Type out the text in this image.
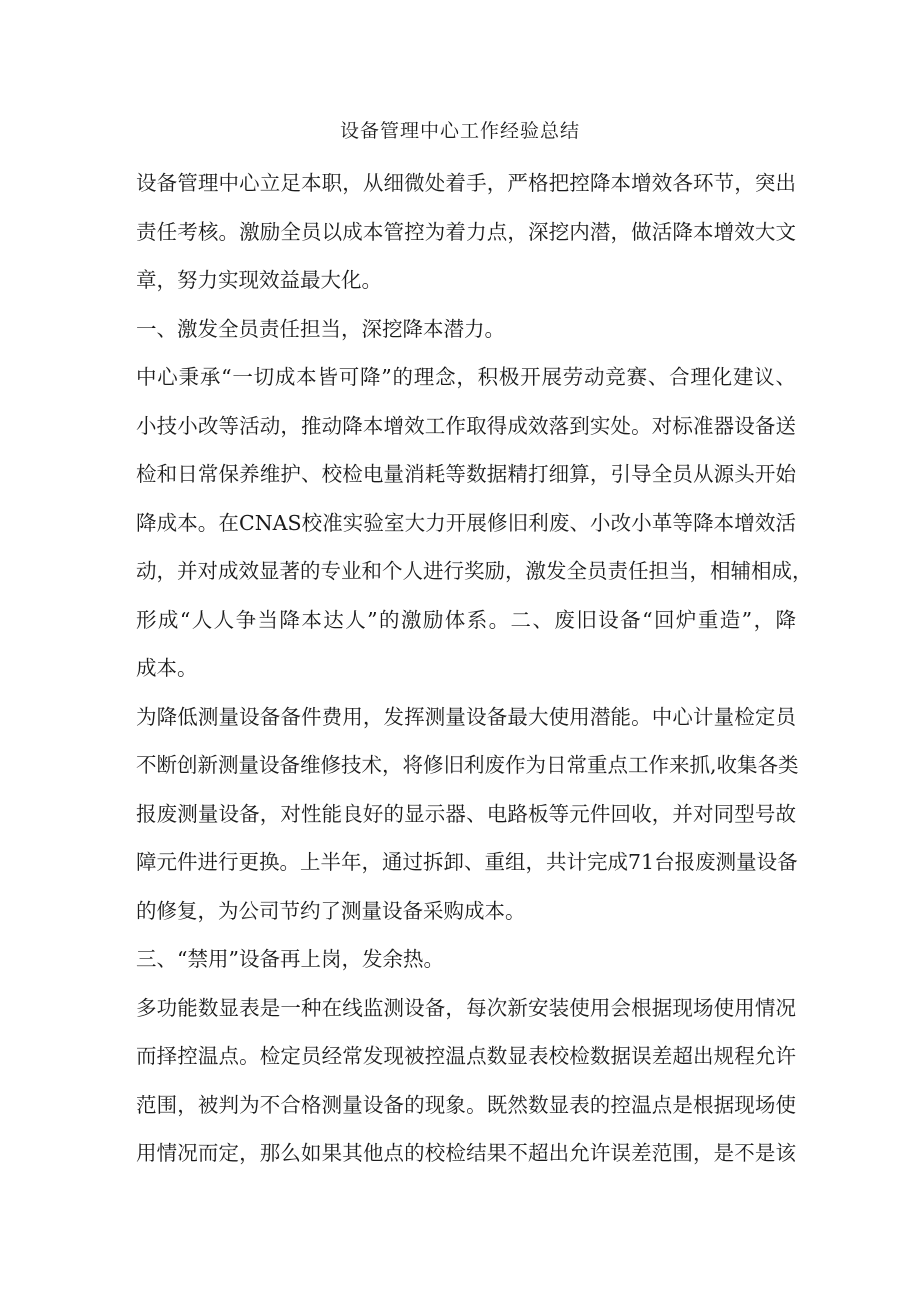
设备管理中心工作经验总结
设备管理中心立足本职，从细微处着手，严格把控降本增效各环节，突出
责任考核。激励全员以成本管控为着力点，深挖内潜，做活降本增效大文
章，努力实现效益最大化。
一、激发全员责任担当，深挖降本潜力。
中心秉承“一切成本皆可降”的理念，积极开展劳动竞赛、合理化建议、
小技小改等活动，推动降本增效工作取得成效落到实处。对标准器设备送
检和日常保养维护、校检电量消耗等数据精打细算，引导全员从源头开始
降成本。在CNAS校准实验室大力开展修旧利废、小改小革等降本增效活
动，并对成效显著的专业和个人进行奖励，激发全员责任担当，相辅相成，
形成“人人争当降本达人”的激励体系。二、废旧设备“回炉重造”，降
成本。
为降低测量设备备件费用，发挥测量设备最大使用潜能。中心计量检定员
不断创新测量设备维修技术，将修旧利废作为日常重点工作来抓,收集各类
报废测量设备，对性能良好的显示器、电路板等元件回收，并对同型号故
障元件进行更换。上半年，通过拆卸、重组，共计完成71台报废测量设备
的修复，为公司节约了测量设备采购成本。
三、“禁用”设备再上岗，发余热。
多功能数显表是一种在线监测设备，每次新安装使用会根据现场使用情况
而择控温点。检定员经常发现被控温点数显表校检数据误差超出规程允许
范围，被判为不合格测量设备的现象。既然数显表的控温点是根据现场使
用情况而定，那么如果其他点的校检结果不超出允许误差范围，是不是该
